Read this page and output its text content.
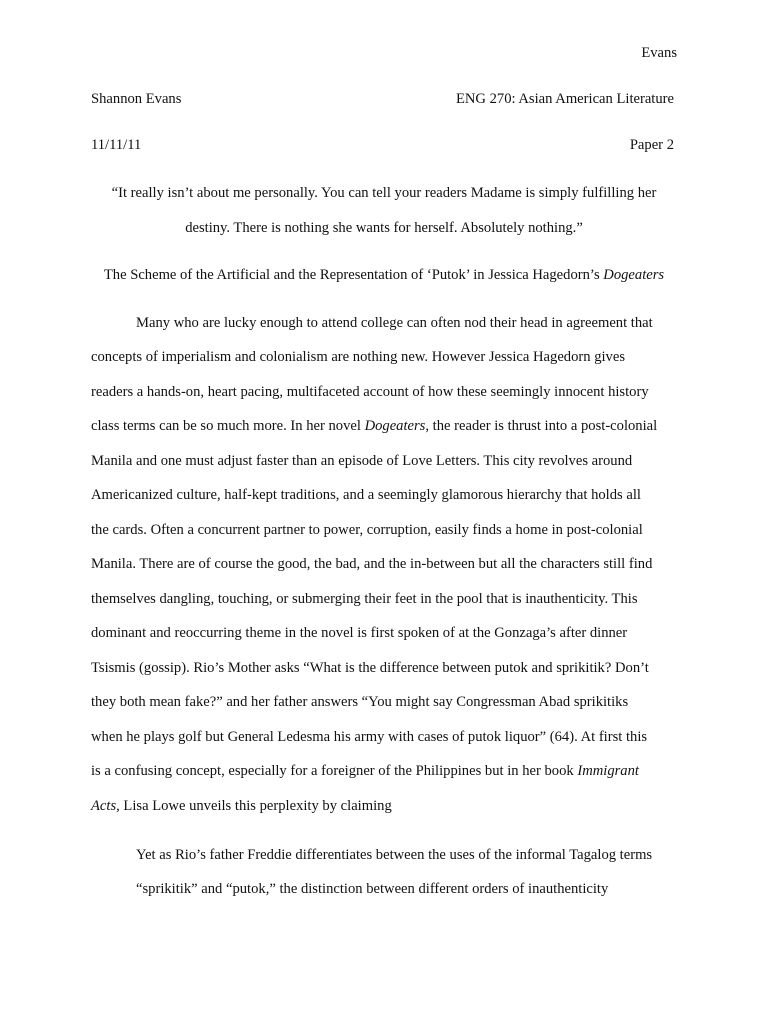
Evans
Shannon Evans	ENG 270: Asian American Literature
11/11/11	Paper 2
“It really isn’t about me personally. You can tell your readers Madame is simply fulfilling her
destiny. There is nothing she wants for herself. Absolutely nothing.”
The Scheme of the Artificial and the Representation of ‘Putok’ in Jessica Hagedorn’s Dogeaters
Many who are lucky enough to attend college can often nod their head in agreement that
concepts of imperialism and colonialism are nothing new. However Jessica Hagedorn gives
readers a hands-on, heart pacing, multifaceted account of how these seemingly innocent history
class terms can be so much more. In her novel Dogeaters, the reader is thrust into a post-colonial
Manila and one must adjust faster than an episode of Love Letters. This city revolves around
Americanized culture, half-kept traditions, and a seemingly glamorous hierarchy that holds all
the cards. Often a concurrent partner to power, corruption, easily finds a home in post-colonial
Manila. There are of course the good, the bad, and the in-between but all the characters still find
themselves dangling, touching, or submerging their feet in the pool that is inauthenticity. This
dominant and reoccurring theme in the novel is first spoken of at the Gonzaga’s after dinner
Tsismis (gossip). Rio’s Mother asks “What is the difference between putok and sprikitik? Don’t
they both mean fake?” and her father answers “You might say Congressman Abad sprikitiks
when he plays golf but General Ledesma his army with cases of putok liquor” (64). At first this
is a confusing concept, especially for a foreigner of the Philippines but in her book Immigrant
Acts, Lisa Lowe unveils this perplexity by claiming
Yet as Rio’s father Freddie differentiates between the uses of the informal Tagalog terms
“sprikitik” and “putok,” the distinction between different orders of inauthenticity
